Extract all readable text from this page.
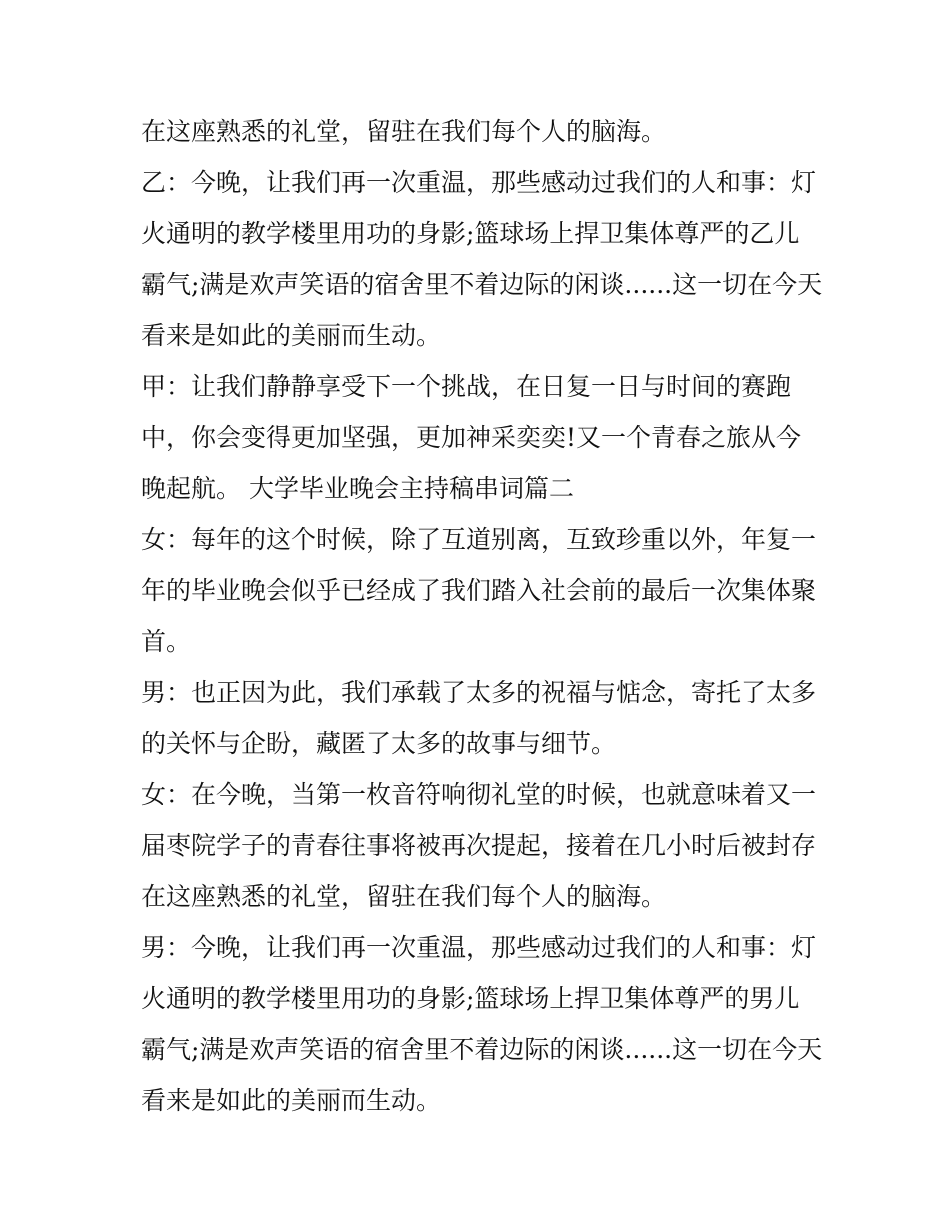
在这座熟悉的礼堂，留驻在我们每个人的脑海。
乙：今晚，让我们再一次重温，那些感动过我们的人和事：灯
火通明的教学楼里用功的身影;篮球场上捍卫集体尊严的乙儿
霸气;满是欢声笑语的宿舍里不着边际的闲谈......这一切在今天
看来是如此的美丽而生动。
甲：让我们静静享受下一个挑战，在日复一日与时间的赛跑
中，你会变得更加坚强，更加神采奕奕!又一个青春之旅从今
晚起航。 大学毕业晚会主持稿串词篇二
女：每年的这个时候，除了互道别离，互致珍重以外，年复一
年的毕业晚会似乎已经成了我们踏入社会前的最后一次集体聚
首。
男：也正因为此，我们承载了太多的祝福与惦念，寄托了太多
的关怀与企盼，藏匿了太多的故事与细节。
女：在今晚，当第一枚音符响彻礼堂的时候，也就意味着又一
届枣院学子的青春往事将被再次提起，接着在几小时后被封存
在这座熟悉的礼堂，留驻在我们每个人的脑海。
男：今晚，让我们再一次重温，那些感动过我们的人和事：灯
火通明的教学楼里用功的身影;篮球场上捍卫集体尊严的男儿
霸气;满是欢声笑语的宿舍里不着边际的闲谈......这一切在今天
看来是如此的美丽而生动。
